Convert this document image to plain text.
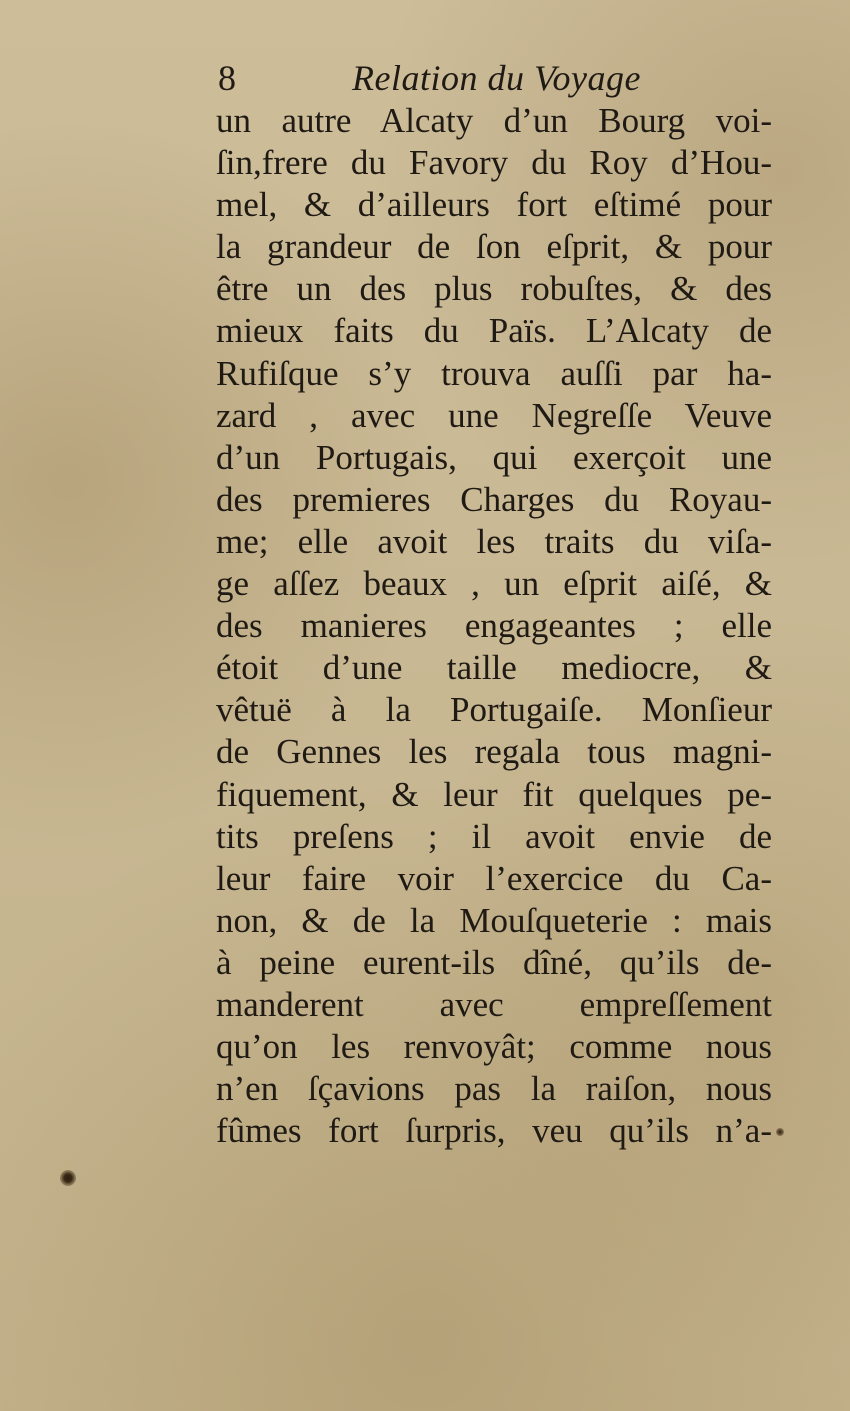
8	Relation du Voyage
un autre Alcaty d’un Bourg voi-
ſin,frere du Favory du Roy d’Hou-
mel, & d’ailleurs fort eſtimé pour
la grandeur de ſon eſprit, & pour
être un des plus robuſtes, & des
mieux faits du Païs. L’Alcaty de
Rufiſque s’y trouva auſſi par ha-
zard , avec une Negreſſe Veuve
d’un Portugais, qui exerçoit une
des premieres Charges du Royau-
me; elle avoit les traits du viſa-
ge aſſez beaux , un eſprit aiſé, &
des manieres engageantes ; elle
étoit d’une taille mediocre, &
vêtuë à la Portugaiſe. Monſieur
de Gennes les regala tous magni-
fiquement, & leur fit quelques pe-
tits preſens ; il avoit envie de
leur faire voir l’exercice du Ca-
non, & de la Mouſqueterie : mais
à peine eurent-ils dîné, qu’ils de-
manderent avec empreſſement
qu’on les renvoyât; comme nous
n’en ſçavions pas la raiſon, nous
fûmes fort ſurpris, veu qu’ils n’a-
